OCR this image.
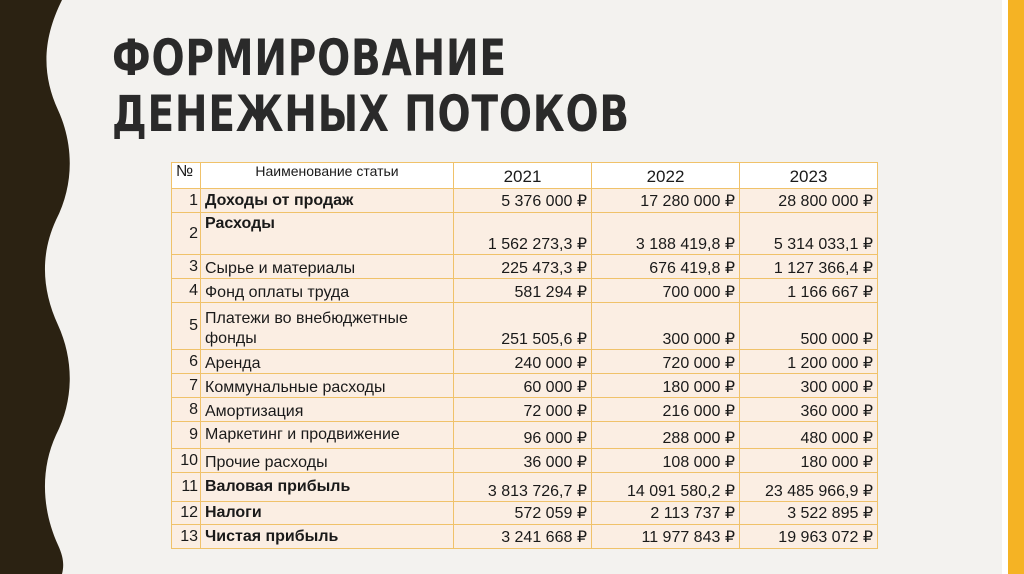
ФОРМИРОВАНИЕ ДЕНЕЖНЫХ ПОТОКОВ
№	Наименование статьи	2021	2022	2023
1	Доходы от продаж	5 376 000 ₽	17 280 000 ₽	28 800 000 ₽
2	Расходы	1 562 273,3 ₽	3 188 419,8 ₽	5 314 033,1 ₽
3	Сырье и материалы	225 473,3 ₽	676 419,8 ₽	1 127 366,4 ₽
4	Фонд оплаты труда	581 294 ₽	700 000 ₽	1 166 667 ₽
5	Платежи во внебюджетные фонды	251 505,6 ₽	300 000 ₽	500 000 ₽
6	Аренда	240 000 ₽	720 000 ₽	1 200 000 ₽
7	Коммунальные расходы	60 000 ₽	180 000 ₽	300 000 ₽
8	Амортизация	72 000 ₽	216 000 ₽	360 000 ₽
9	Маркетинг и продвижение	96 000 ₽	288 000 ₽	480 000 ₽
10	Прочие расходы	36 000 ₽	108 000 ₽	180 000 ₽
11	Валовая прибыль	3 813 726,7 ₽	14 091 580,2 ₽	23 485 966,9 ₽
12	Налоги	572 059 ₽	2 113 737 ₽	3 522 895 ₽
13	Чистая прибыль	3 241 668 ₽	11 977 843 ₽	19 963 072 ₽
